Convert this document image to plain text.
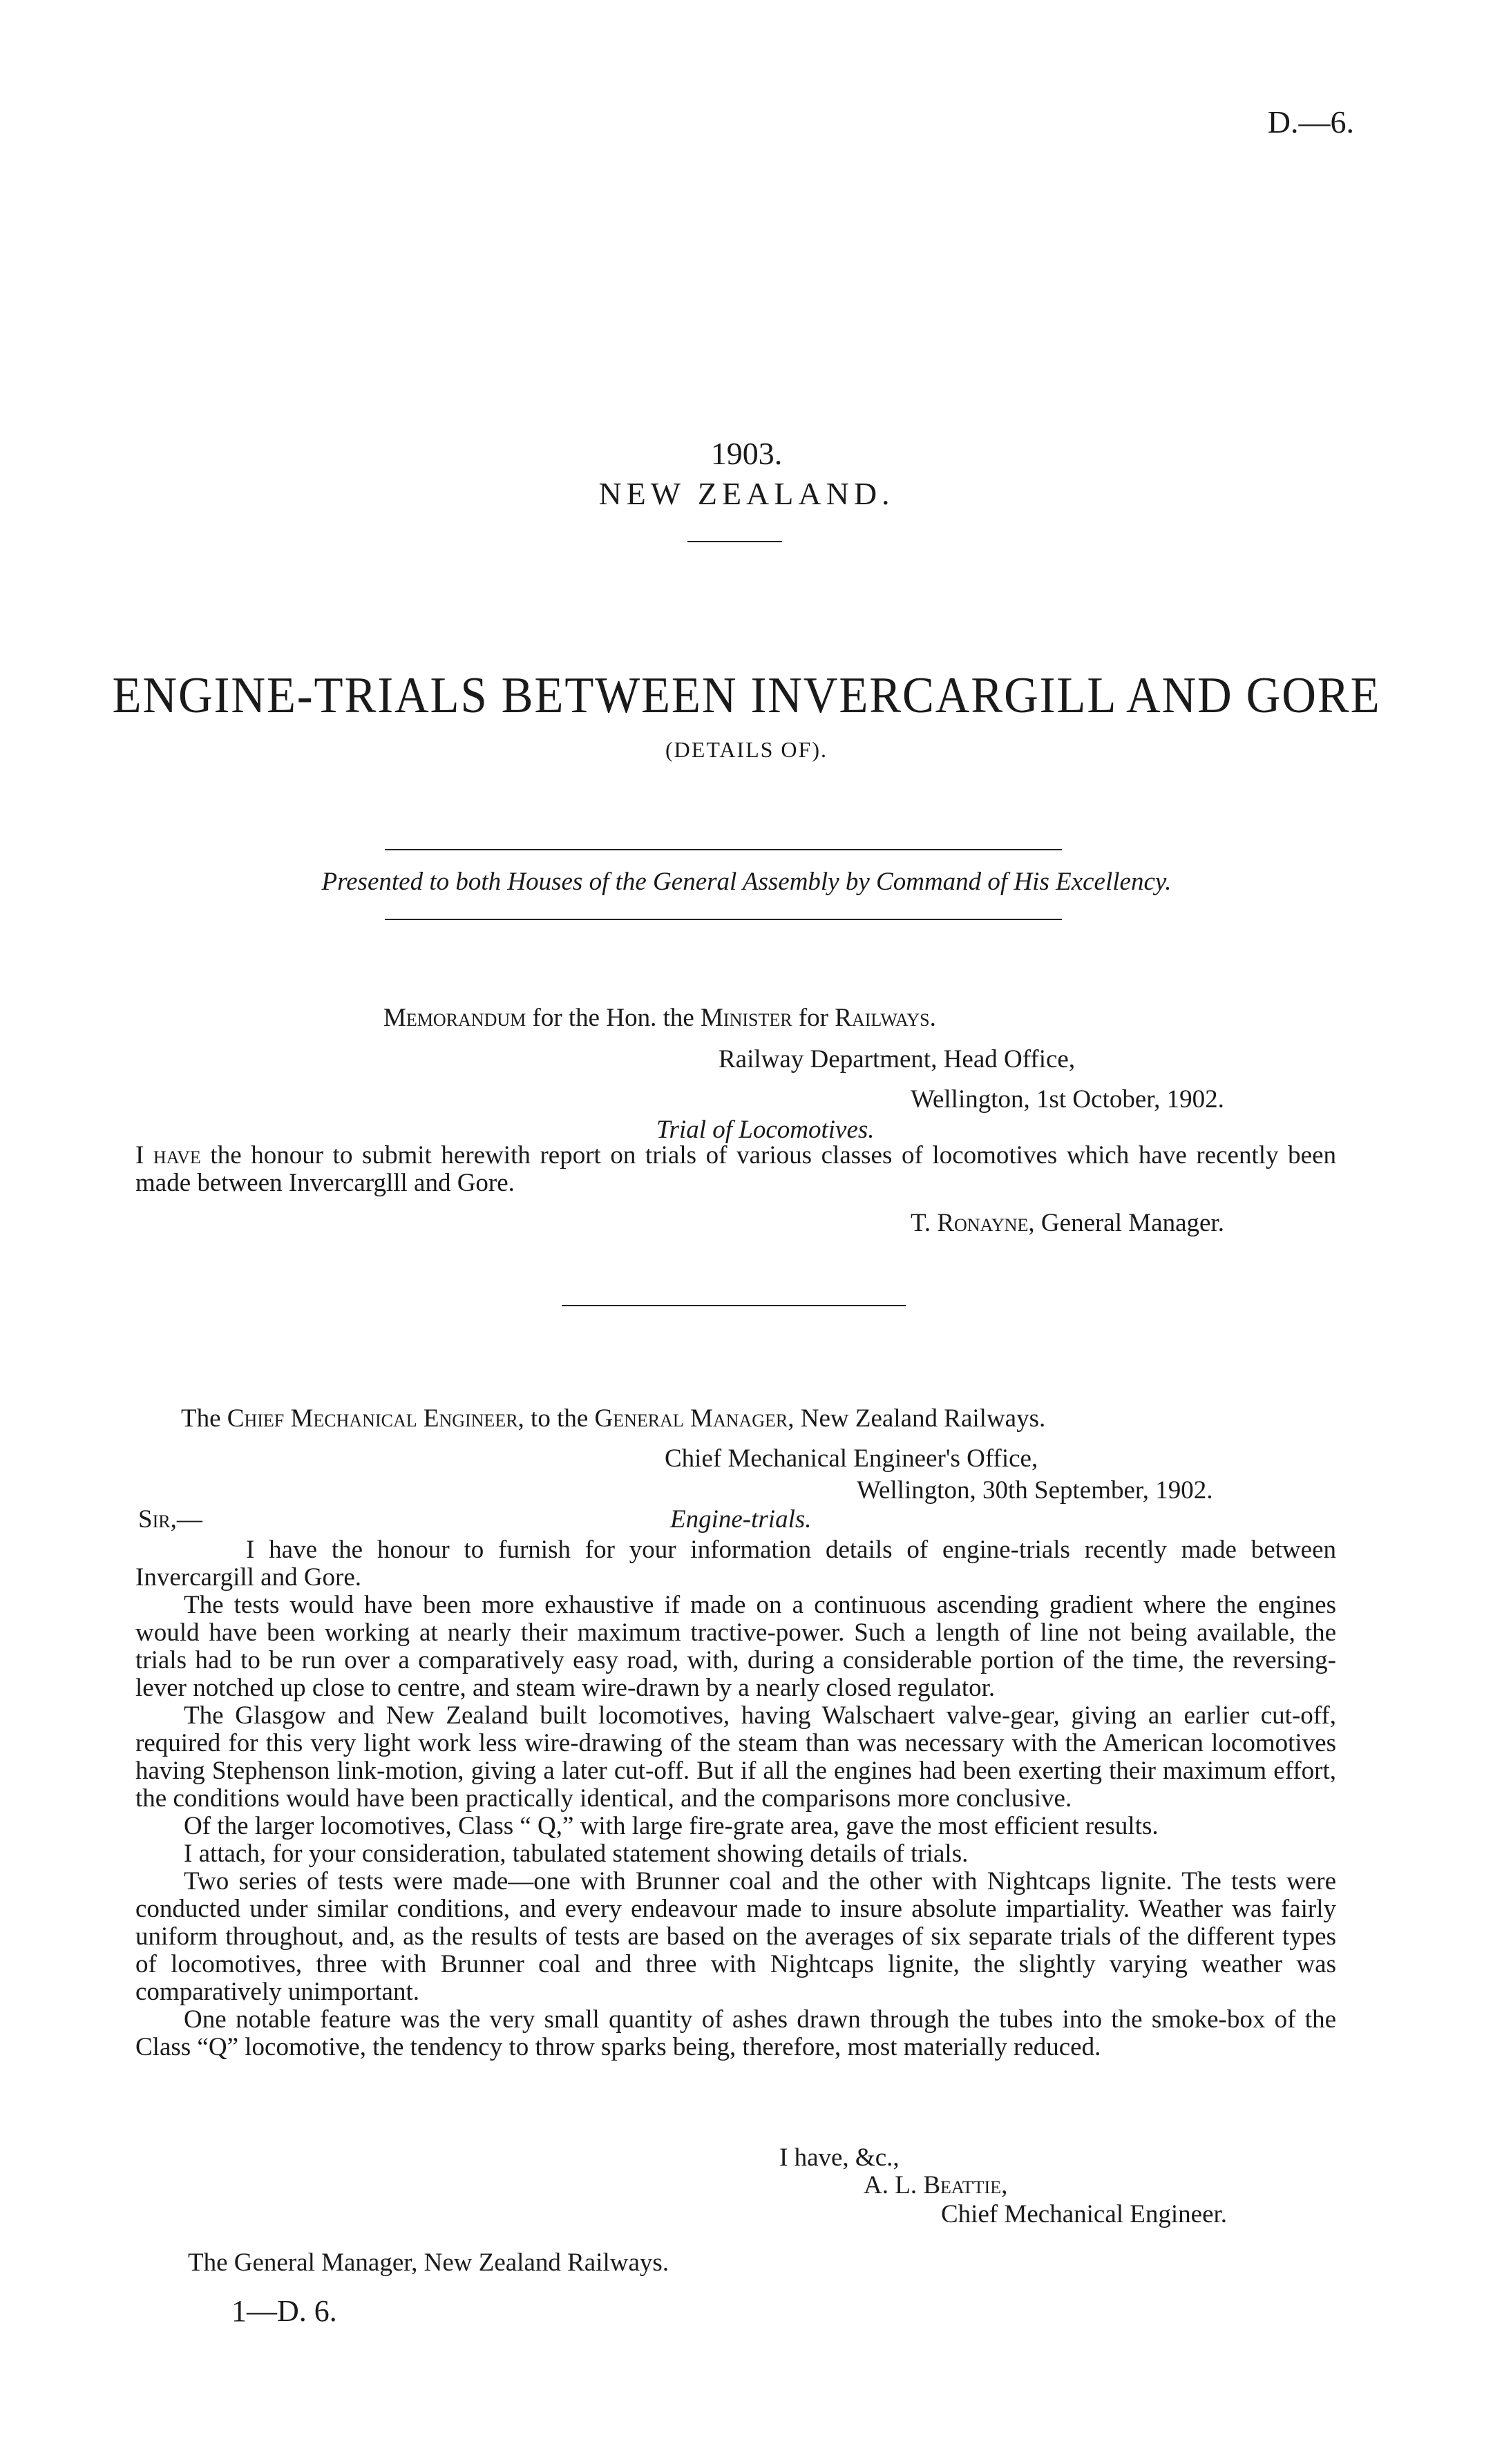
D.—6.
1903.
NEW ZEALAND.
ENGINE-TRIALS BETWEEN INVERCARGILL AND GORE
(DETAILS OF).
Presented to both Houses of the General Assembly by Command of His Excellency.
Memorandum for the Hon. the Minister for Railways.
Railway Department, Head Office,
Wellington, 1st October, 1902.
Trial of Locomotives.
I have the honour to submit herewith report on trials of various classes of locomotives which have recently been made between Invercarglll and Gore.
T. Ronayne, General Manager.
The Chief Mechanical Engineer, to the General Manager, New Zealand Railways.
Chief Mechanical Engineer's Office,
Wellington, 30th September, 1902.
Sir,—	Engine-trials.

I have the honour to furnish for your information details of engine-trials recently made between Invercargill and Gore.

The tests would have been more exhaustive if made on a continuous ascending gradient where the engines would have been working at nearly their maximum tractive-power. Such a length of line not being available, the trials had to be run over a comparatively easy road, with, during a considerable portion of the time, the reversing-lever notched up close to centre, and steam wire-drawn by a nearly closed regulator.

The Glasgow and New Zealand built locomotives, having Walschaert valve-gear, giving an earlier cut-off, required for this very light work less wire-drawing of the steam than was necessary with the American locomotives having Stephenson link-motion, giving a later cut-off. But if all the engines had been exerting their maximum effort, the conditions would have been practically identical, and the comparisons more conclusive.

Of the larger locomotives, Class “ Q,” with large fire-grate area, gave the most efficient results.

I attach, for your consideration, tabulated statement showing details of trials.

Two series of tests were made—one with Brunner coal and the other with Nightcaps lignite. The tests were conducted under similar conditions, and every endeavour made to insure absolute impartiality. Weather was fairly uniform throughout, and, as the results of tests are based on the averages of six separate trials of the different types of locomotives, three with Brunner coal and three with Nightcaps lignite, the slightly varying weather was comparatively unimportant.

One notable feature was the very small quantity of ashes drawn through the tubes into the smoke-box of the Class “Q” locomotive, the tendency to throw sparks being, therefore, most materially reduced.

I have, &c.,
A. L. Beattie,
Chief Mechanical Engineer.
The General Manager, New Zealand Railways.
1—D. 6.
